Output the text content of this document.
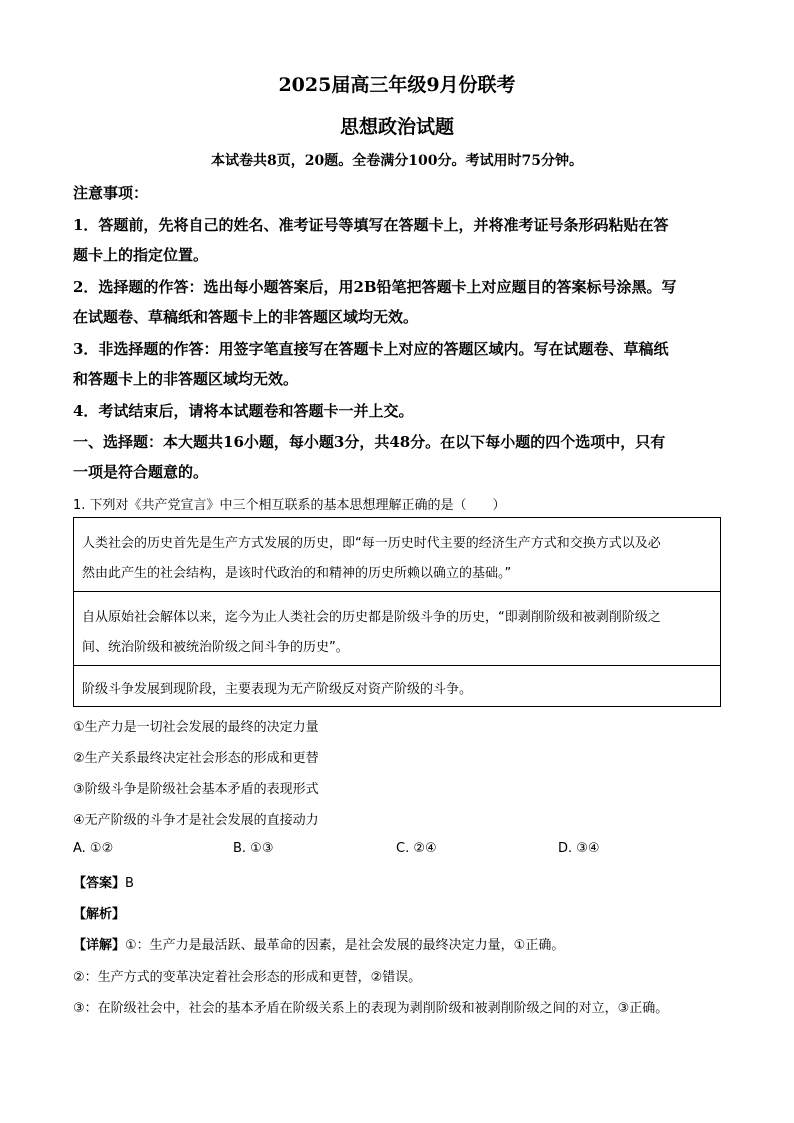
2025届高三年级9月份联考
思想政治试题
本试卷共8页，20题。全卷满分100分。考试用时75分钟。
注意事项：
1．答题前，先将自己的姓名、准考证号等填写在答题卡上，并将准考证号条形码粘贴在答
题卡上的指定位置。
2．选择题的作答：选出每小题答案后，用2B铅笔把答题卡上对应题目的答案标号涂黑。写
在试题卷、草稿纸和答题卡上的非答题区域均无效。
3．非选择题的作答：用签字笔直接写在答题卡上对应的答题区域内。写在试题卷、草稿纸
和答题卡上的非答题区域均无效。
4．考试结束后，请将本试题卷和答题卡一并上交。
一、选择题：本大题共16小题，每小题3分，共48分。在以下每小题的四个选项中，只有
一项是符合题意的。
1. 下列对《共产党宣言》中三个相互联系的基本思想理解正确的是（　　）
人类社会的历史首先是生产方式发展的历史，即“每一历史时代主要的经济生产方式和交换方式以及必
然由此产生的社会结构，是该时代政治的和精神的历史所赖以确立的基础。”
自从原始社会解体以来，迄今为止人类社会的历史都是阶级斗争的历史，“即剥削阶级和被剥削阶级之
间、统治阶级和被统治阶级之间斗争的历史”。
阶级斗争发展到现阶段，主要表现为无产阶级反对资产阶级的斗争。
①生产力是一切社会发展的最终的决定力量
②生产关系最终决定社会形态的形成和更替
③阶级斗争是阶级社会基本矛盾的表现形式
④无产阶级的斗争才是社会发展的直接动力
A. ①②	B. ①③	C. ②④	D. ③④
【答案】B
【解析】
【详解】①：生产力是最活跃、最革命的因素，是社会发展的最终决定力量，①正确。
②：生产方式的变革决定着社会形态的形成和更替，②错误。
③：在阶级社会中，社会的基本矛盾在阶级关系上的表现为剥削阶级和被剥削阶级之间的对立，③正确。
